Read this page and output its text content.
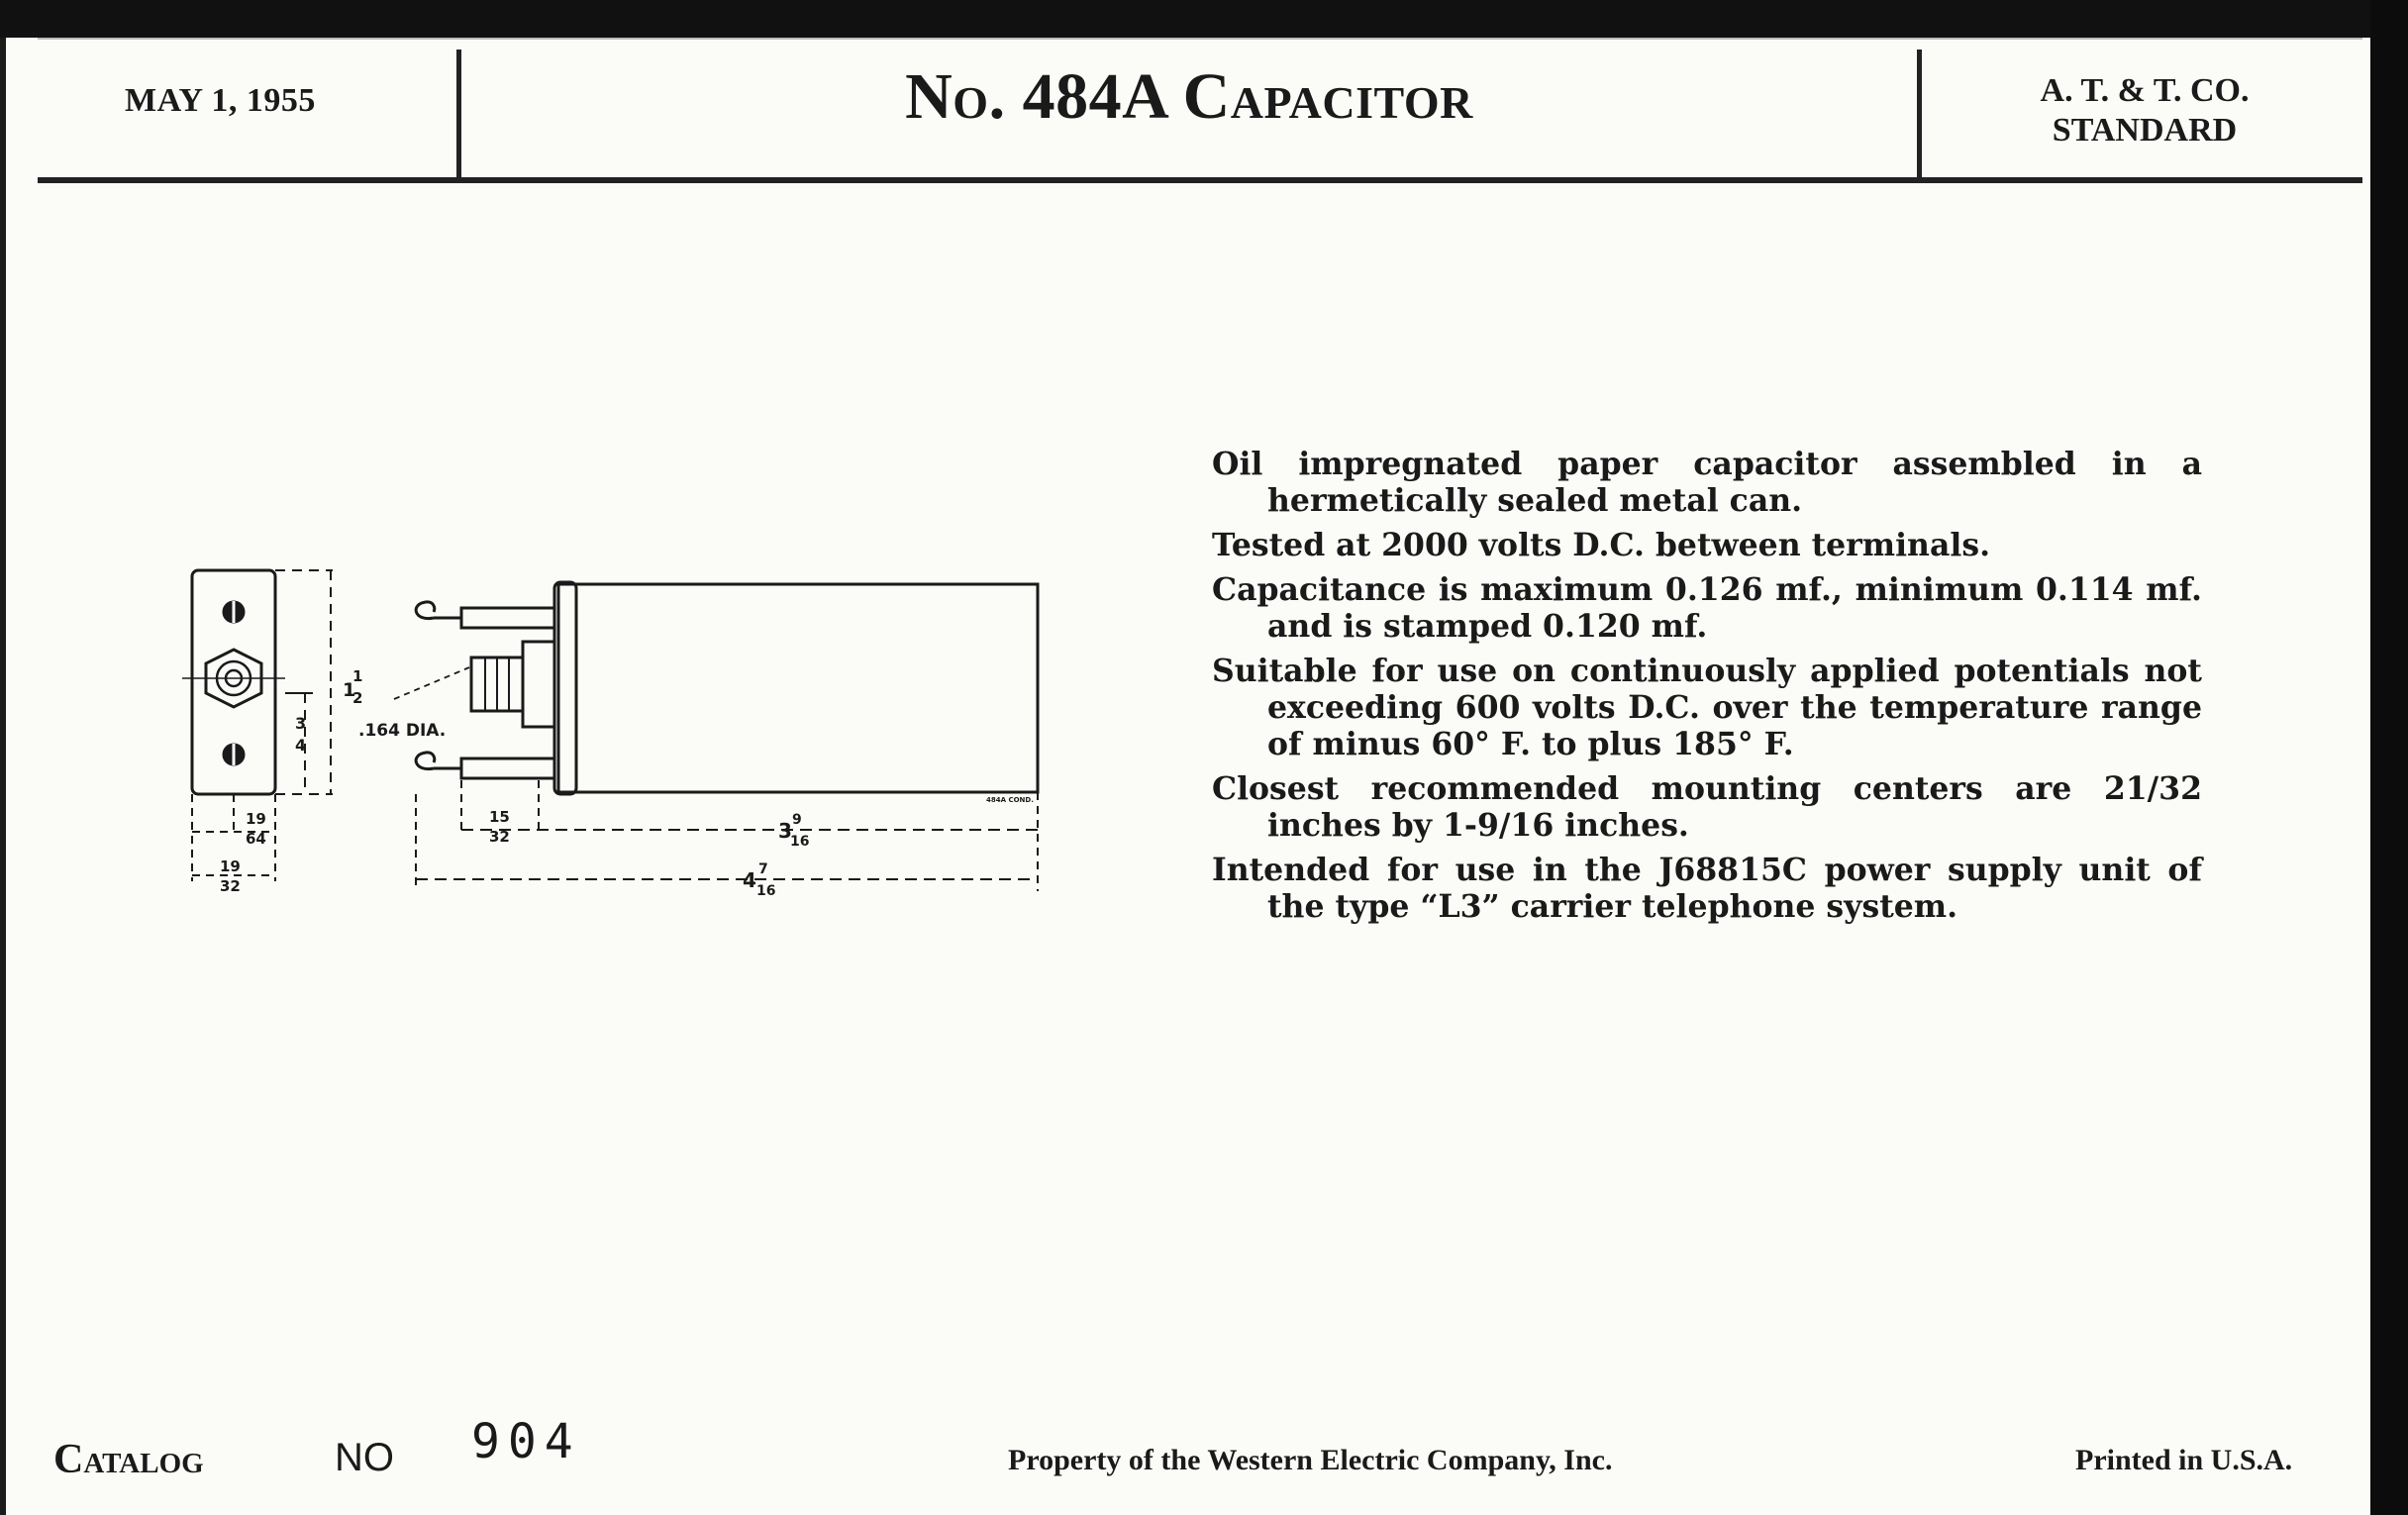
MAY 1, 1955	No. 484A Capacitor	A. T. & T. CO.
STANDARD
484A COND.
.164 DIA.
1
1
2
3
4
19
64
19
32
15
32	3 9
16
4 7
16

Oil impregnated paper capacitor assembled in a hermetically sealed metal can.

Tested at 2000 volts D.C. between terminals.

Capacitance is maximum 0.126 mf., minimum 0.114 mf. and is stamped 0.120 mf.

Suitable for use on continuously applied potentials not exceeding 600 volts D.C. over the temperature range of minus 60° F. to plus 185° F.

Closest recommended mounting centers are 21/32 inches by 1-9/16 inches.

Intended for use in the J68815C power supply unit of the type “L3” carrier telephone system.

Catalog	NO 904	Property of the Western Electric Company, Inc.	Printed in U.S.A.
